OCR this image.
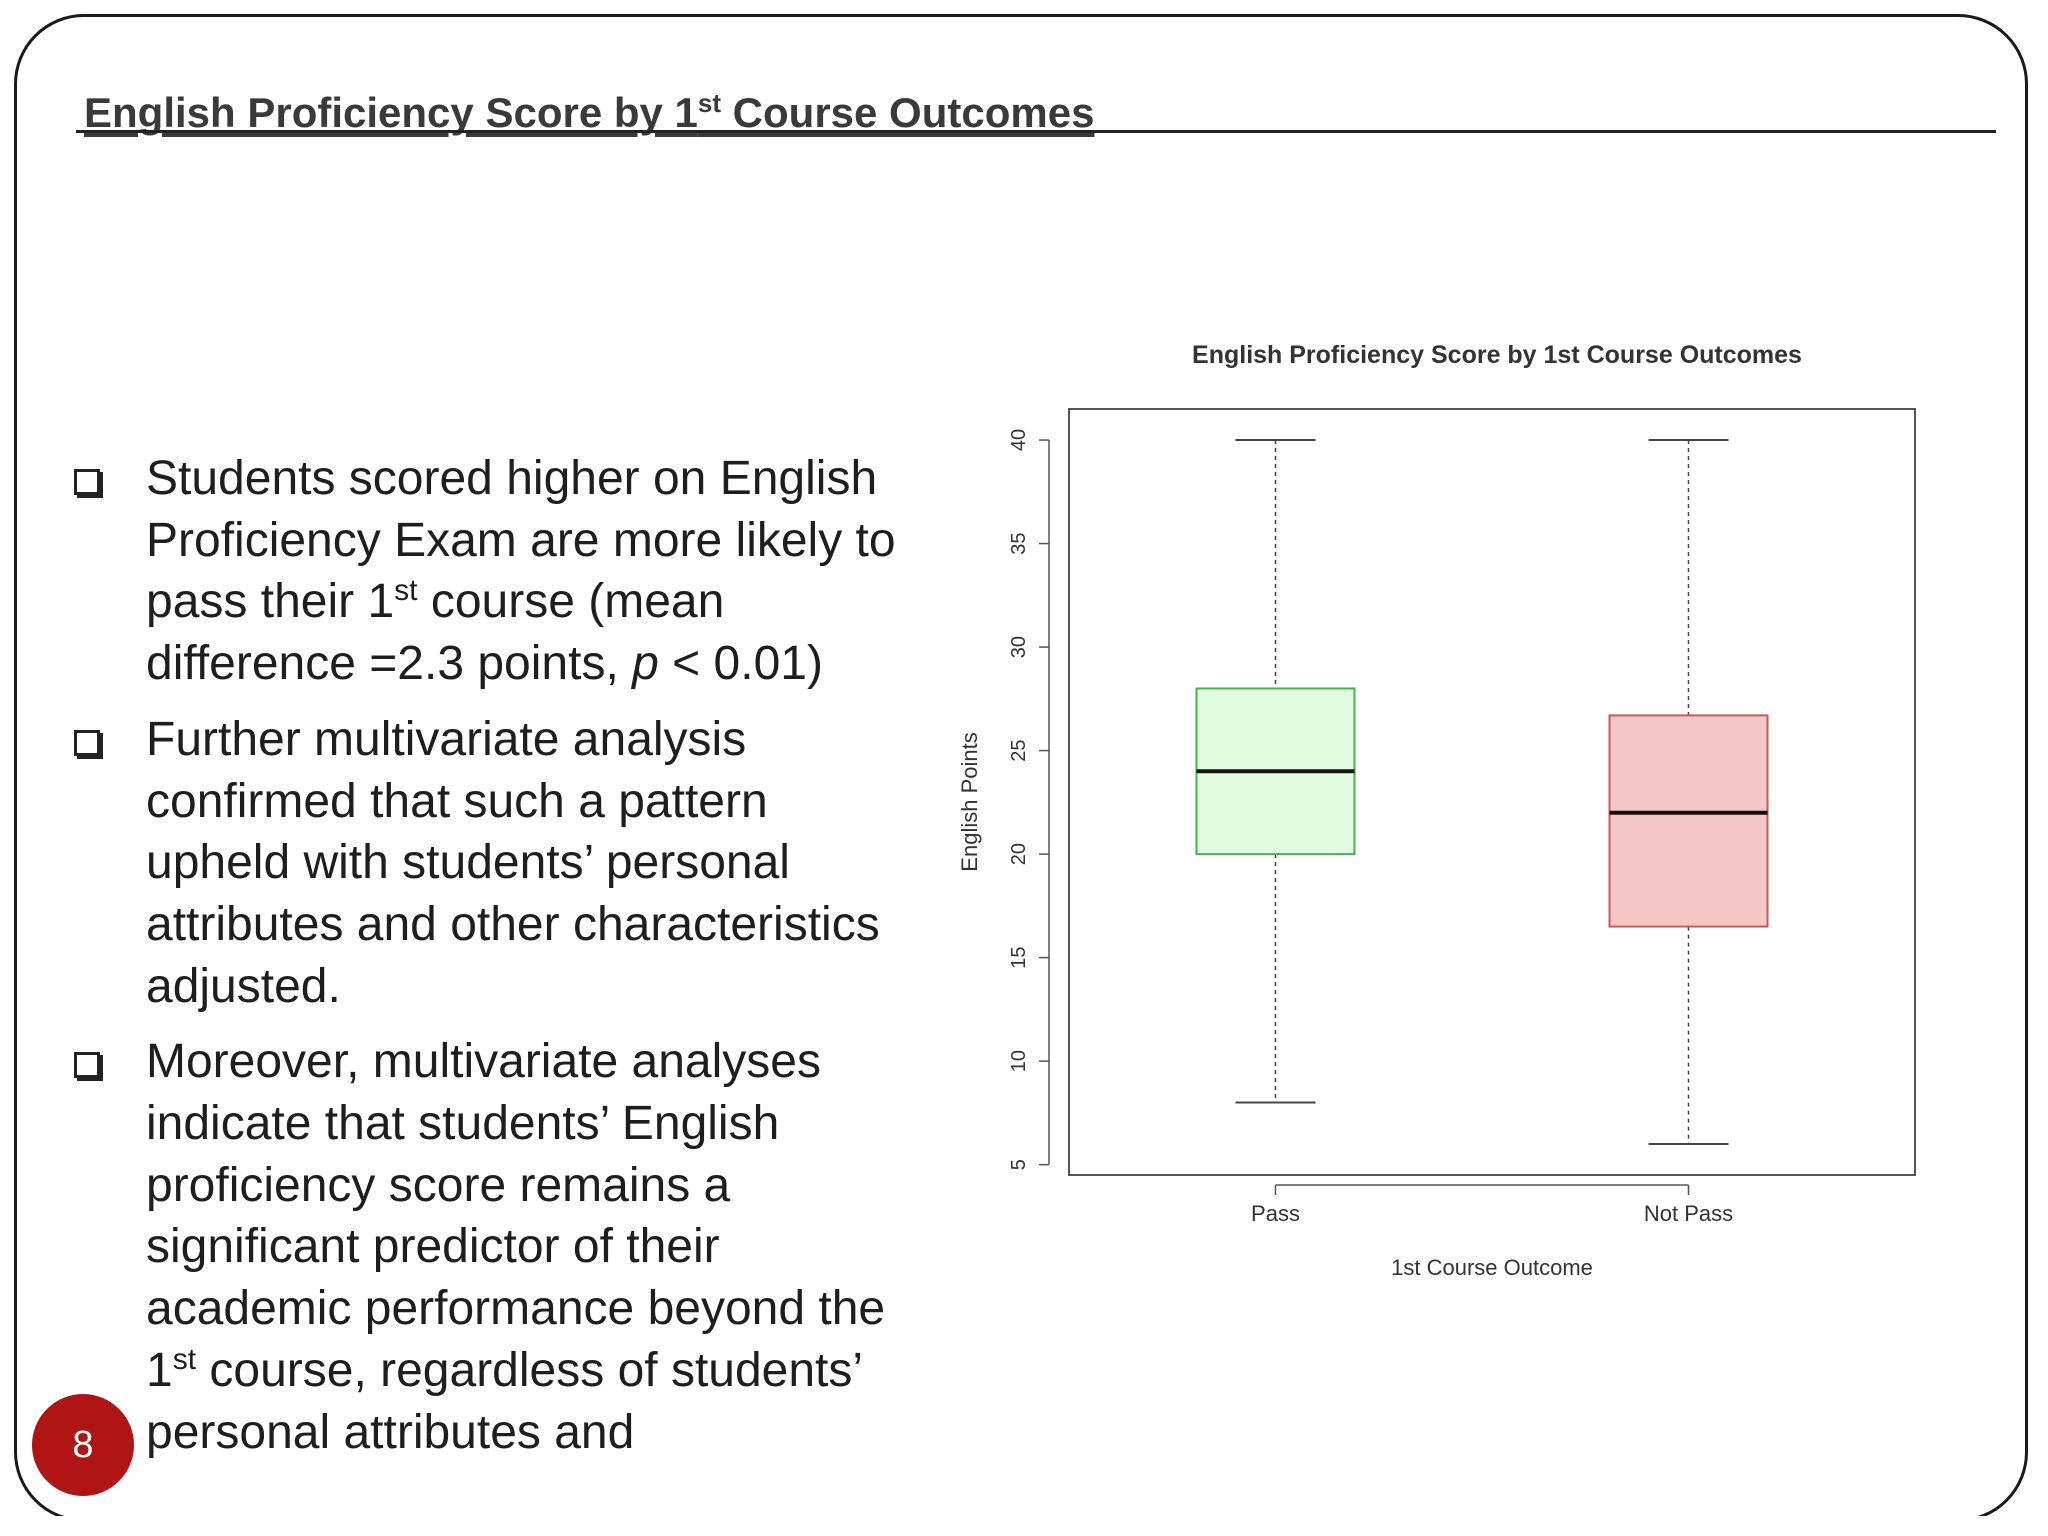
English Proficiency Score by 1st Course Outcomes
Students scored higher on English Proficiency Exam are more likely to pass their 1st course (mean difference =2.3 points, p < 0.01)
Further multivariate analysis confirmed that such a pattern upheld with students’ personal attributes and other characteristics adjusted.
Moreover, multivariate analyses indicate that students’ English proficiency score remains a significant predictor of their academic performance beyond the 1st course, regardless of students’ personal attributes and
English Proficiency Score by 1st Course Outcomes
5
10
15
20
25
30
35
40
English Points
Pass	Not Pass
1st Course Outcome
8
